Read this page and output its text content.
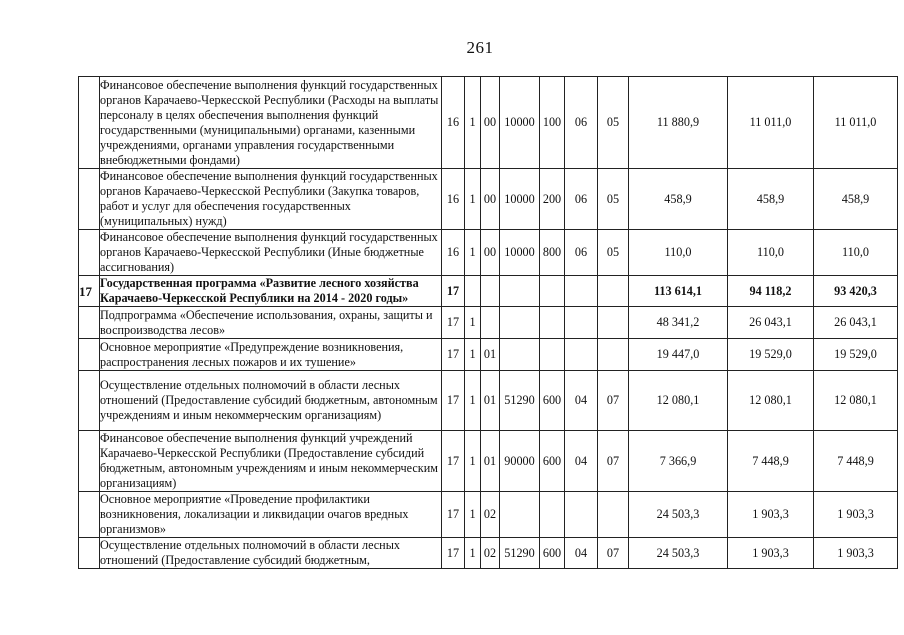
261
	Финансовое обеспечение выполнения функций государственных органов Карачаево-Черкесской Республики (Расходы на выплаты персоналу в целях обеспечения выполнения функций государственными (муниципальными) органами, казенными учреждениями, органами управления государственными внебюджетными фондами)	16	1	00	10000	100	06	05	11 880,9	11 011,0	11 011,0
	Финансовое обеспечение выполнения функций государственных органов Карачаево-Черкесской Республики (Закупка товаров, работ и услуг для обеспечения государственных (муниципальных) нужд)	16	1	00	10000	200	06	05	458,9	458,9	458,9
	Финансовое обеспечение выполнения функций государственных органов Карачаево-Черкесской Республики (Иные бюджетные ассигнования)	16	1	00	10000	800	06	05	110,0	110,0	110,0
17	Государственная программа «Развитие лесного хозяйства Карачаево-Черкесской Республики на 2014 - 2020 годы»	17							113 614,1	94 118,2	93 420,3
	Подпрограмма «Обеспечение использования, охраны, защиты и воспроизводства лесов»	17	1						48 341,2	26 043,1	26 043,1
	Основное мероприятие «Предупреждение возникновения, распространения лесных пожаров и их тушение»	17	1	01					19 447,0	19 529,0	19 529,0
	Осуществление отдельных полномочий в области лесных отношений (Предоставление субсидий бюджетным, автономным учреждениям и иным некоммерческим организациям)	17	1	01	51290	600	04	07	12 080,1	12 080,1	12 080,1
	Финансовое обеспечение выполнения функций учреждений Карачаево-Черкесской Республики (Предоставление субсидий бюджетным, автономным учреждениям и иным некоммерческим организациям)	17	1	01	90000	600	04	07	7 366,9	7 448,9	7 448,9
	Основное мероприятие «Проведение профилактики возникновения, локализации и ликвидации очагов вредных организмов»	17	1	02					24 503,3	1 903,3	1 903,3
	Осуществление отдельных полномочий в области лесных отношений (Предоставление субсидий бюджетным,	17	1	02	51290	600	04	07	24 503,3	1 903,3	1 903,3
